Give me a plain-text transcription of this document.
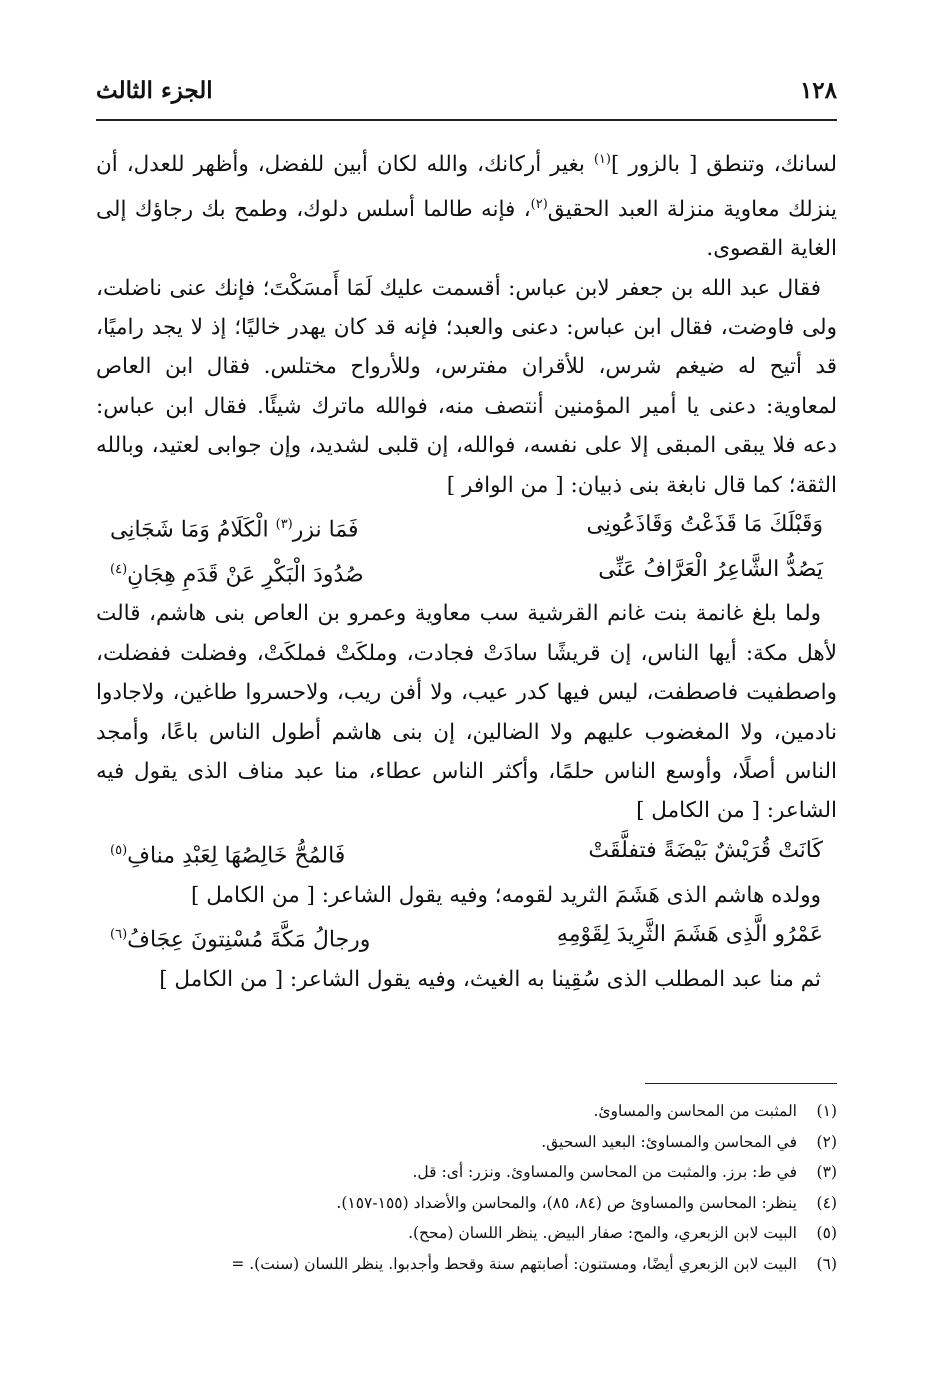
١٢٨
الجزء الثالث

لسانك، وتنطق [ بالزور ]$^{(١)}$ بغير أركانك، والله لكان أبين للفضل، وأظهر للعدل، أن ينزلك معاوية منزلة العبد الحقيق$^{(٢)}$، فإنه طالما أسلس دلوك، وطمح بك رجاؤك إلى الغاية القصوى.

فقال عبد الله بن جعفر لابن عباس: أقسمت عليك لَمَا أَمسَكْتَ؛ فإنك عنى ناضلت، ولى فاوضت، فقال ابن عباس: دعنى والعبد؛ فإنه قد كان يهدر خاليًا؛ إذ لا يجد راميًا، قد أتيح له ضيغم شرس، للأقران مفترس، وللأرواح مختلس. فقال ابن العاص لمعاوية: دعنى يا أمير المؤمنين أنتصف منه، فوالله ماترك شيئًا. فقال ابن عباس: دعه فلا يبقى المبقى إلا على نفسه، فوالله، إن قلبى لشديد، وإن جوابى لعتيد، وبالله الثقة؛ كما قال نابغة بنى ذبيان: [ من الوافر ]

وَقَبْلَكَ مَا قَذَعْتُ وَقَاذَعُونِى
فَمَا نزر$^{(٣)}$ الْكَلَامُ وَمَا شَجَانِى
يَصُدُّ الشَّاعِرُ الْعَرَّافُ عَنِّى
صُدُودَ الْبَكْرِ عَنْ قَدَمِ هِجَانِ$^{(٤)}$

ولما بلغ غانمة بنت غانم القرشية سب معاوية وعمرو بن العاص بنى هاشم، قالت لأهل مكة: أيها الناس، إن قريشًا سادَتْ فجادت، وملكَتْ فملكَتْ، وفضلت ففضلت، واصطفيت فاصطفت، ليس فيها كدر عيب، ولا أفن ريب، ولاحسروا طاغين، ولاجادوا نادمين، ولا المغضوب عليهم ولا الضالين، إن بنى هاشم أطول الناس باعًا، وأمجد الناس أصلًا، وأوسع الناس حلمًا، وأكثر الناس عطاء، منا عبد مناف الذى يقول فيه الشاعر: [ من الكامل ]

كَانَتْ قُرَيْشٌ بَيْضَةً فتفلَّقَتْ
فَالمُحُّ خَالِصُهَا لِعَبْدِ منافِ$^{(٥)}$

وولده هاشم الذى هَشَمَ الثريد لقومه؛ وفيه يقول الشاعر: [ من الكامل ]

عَمْرُو الَّذِى هَشَمَ الثَّرِيدَ لِقَوْمِهِ
ورجالُ مَكَّةَ مُسْنِتونَ عِجَافُ$^{(٦)}$

ثم منا عبد المطلب الذى سُقِينا به الغيث، وفيه يقول الشاعر: [ من الكامل ]

(١)
المثبت من المحاسن والمساوئ.
(٢)
في المحاسن والمساوئ: البعيد السحيق.
(٣)
في ط: برز. والمثبت من المحاسن والمساوئ. ونزر: أى: قل.
(٤)
ينظر: المحاسن والمساوئ ص (٨٤، ٨٥)، والمحاسن والأضداد (١٥٥-١٥٧).
(٥)
البيت لابن الزبعري، والمح: صفار البيض. ينظر اللسان (محح).
(٦)
البيت لابن الزبعري أيضًا، ومستنون: أصابتهم سنة وقحط وأجدبوا. ينظر اللسان (سنت). =
